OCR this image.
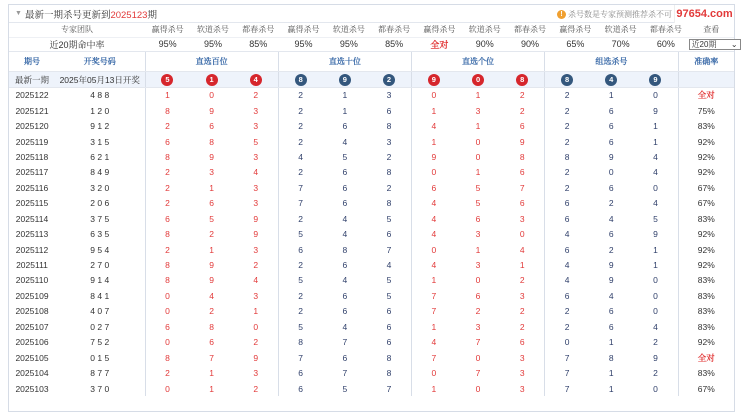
▼ 最新一期杀号更新到2025123期	! 杀号数是专家预测推荐杀不可 97654.com
专家团队	赢得杀号	软道杀号	都春杀号	赢得杀号	软道杀号	都春杀号	赢得杀号	软道杀号	都春杀号	赢得杀号	软道杀号	都春杀号	查看
近20期命中率	95%	95%	85%	95%	95%	85%	全对	90%	90%	65%	70%	60%	近20期 ⌄
期号	开奖号码	直选百位			直选十位			直选个位			组选杀号			准确率
最新一期	2025年05月13日开奖	5	1	4	8	9	2	9	0	8	8	4	9	
2025122	4 8 8	1	0	2	2	1	3	0	1	2	2	1	0	全对
2025121	1 2 0	8	9	3	2	1	6	1	3	2	2	6	9	75%
2025120	9 1 2	2	6	3	2	6	8	4	1	6	2	6	1	83%
2025119	3 1 5	6	8	5	2	4	3	1	0	9	2	6	1	92%
2025118	6 2 1	8	9	3	4	5	2	9	0	8	8	9	4	92%
2025117	8 4 9	2	3	4	2	6	8	0	1	6	2	0	4	92%
2025116	3 2 0	2	1	3	7	6	2	6	5	7	2	6	0	67%
2025115	2 0 6	2	6	3	7	6	8	4	5	6	6	2	4	67%
2025114	3 7 5	6	5	9	2	4	5	4	6	3	6	4	5	83%
2025113	6 3 5	8	2	9	5	4	6	4	3	0	4	6	9	92%
2025112	9 5 4	2	1	3	6	8	7	0	1	4	6	2	1	92%
2025111	2 7 0	8	9	2	2	6	4	4	3	1	4	9	1	92%
2025110	9 1 4	8	9	4	5	4	5	1	0	2	4	9	0	83%
2025109	8 4 1	0	4	3	2	6	5	7	6	3	6	4	0	83%
2025108	4 0 7	0	2	1	2	6	6	7	2	2	2	6	0	83%
2025107	0 2 7	6	8	0	5	4	6	1	3	2	2	6	4	83%
2025106	7 5 2	0	6	2	8	7	6	4	7	6	0	1	2	92%
2025105	0 1 5	8	7	9	7	6	8	7	0	3	7	8	9	全对
2025104	8 7 7	2	1	3	6	7	8	0	7	3	7	1	2	83%
2025103	3 7 0	0	1	2	6	5	7	1	0	3	7	1	0	67%
